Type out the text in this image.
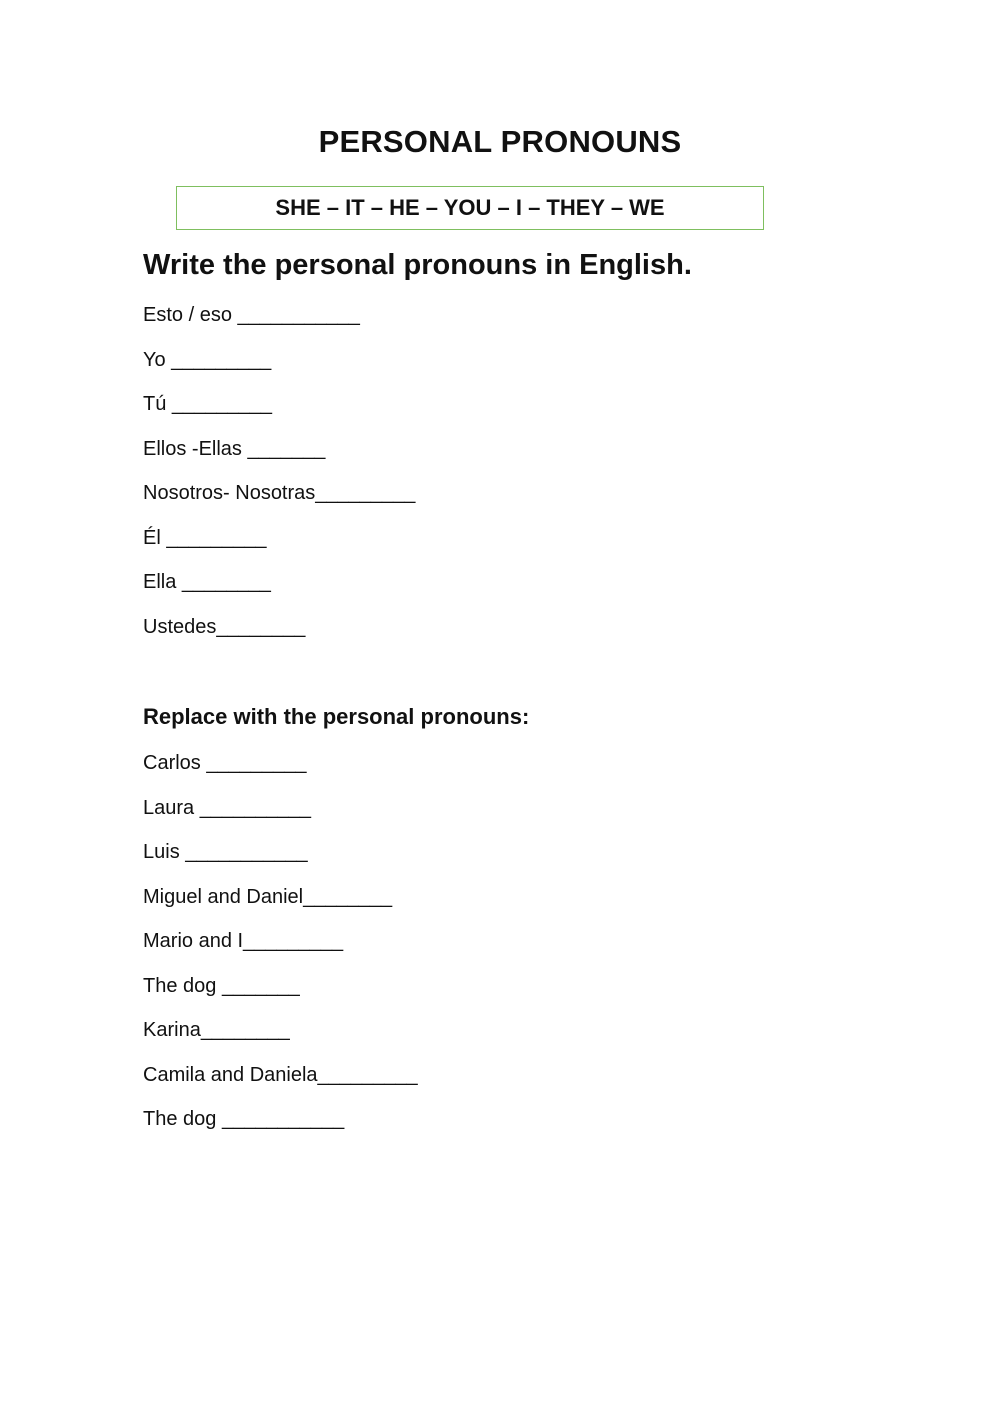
PERSONAL PRONOUNS
SHE – IT – HE – YOU – I – THEY – WE
Write the personal pronouns in English.
Esto / eso ___________
Yo _________
Tú _________
Ellos -Ellas _______
Nosotros- Nosotras_________
Él _________
Ella ________
Ustedes________
Replace with the personal pronouns:
Carlos _________
Laura __________
Luis ___________
Miguel and Daniel________
Mario and I_________
The dog _______
Karina________
Camila and Daniela_________
The dog ___________
